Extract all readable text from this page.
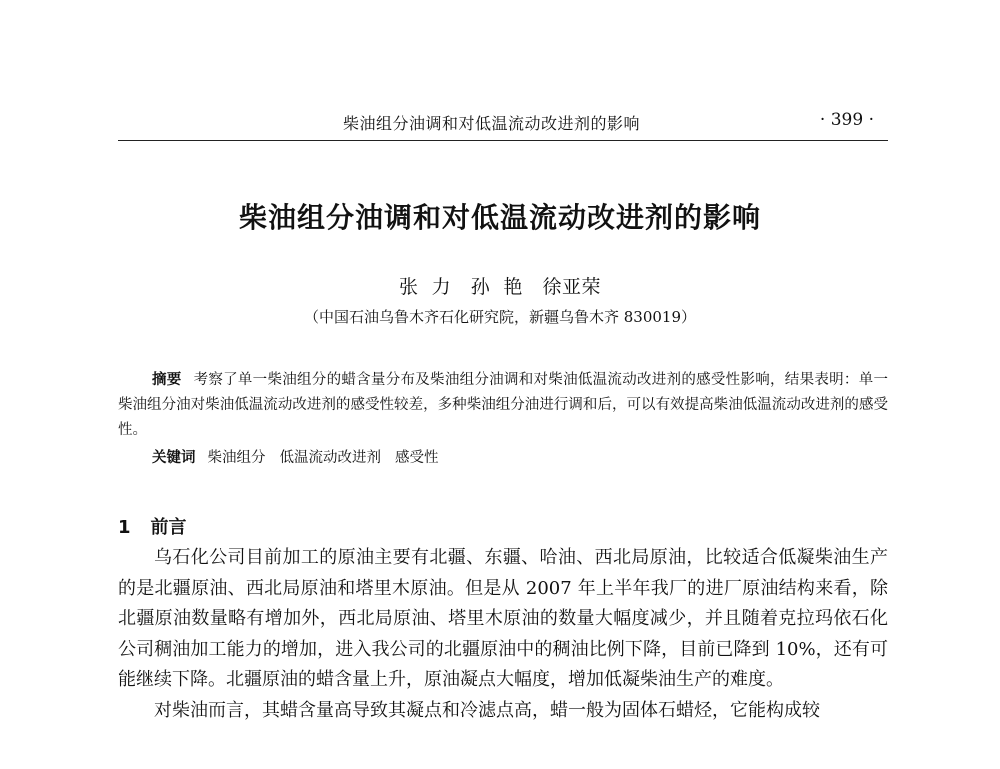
柴油组分油调和对低温流动改进剂的影响	· 399 ·
柴油组分油调和对低温流动改进剂的影响
张  力   孙  艳   徐亚荣
（中国石油乌鲁木齐石化研究院，新疆乌鲁木齐 830019）

摘要 考察了单一柴油组分的蜡含量分布及柴油组分油调和对柴油低温流动改进剂的感受性影响，结果表明：单一柴油组分油对柴油低温流动改进剂的感受性较差，多种柴油组分油进行调和后，可以有效提高柴油低温流动改进剂的感受性。

关键词 柴油组分 低温流动改进剂 感受性
1 前言

乌石化公司目前加工的原油主要有北疆、东疆、哈油、西北局原油，比较适合低凝柴油生产的是北疆原油、西北局原油和塔里木原油。但是从 2007 年上半年我厂的进厂原油结构来看，除北疆原油数量略有增加外，西北局原油、塔里木原油的数量大幅度减少，并且随着克拉玛依石化公司稠油加工能力的增加，进入我公司的北疆原油中的稠油比例下降，目前已降到 10%，还有可能继续下降。北疆原油的蜡含量上升，原油凝点大幅度，增加低凝柴油生产的难度。

对柴油而言，其蜡含量高导致其凝点和冷滤点高，蜡一般为固体石蜡烃，它能构成较
